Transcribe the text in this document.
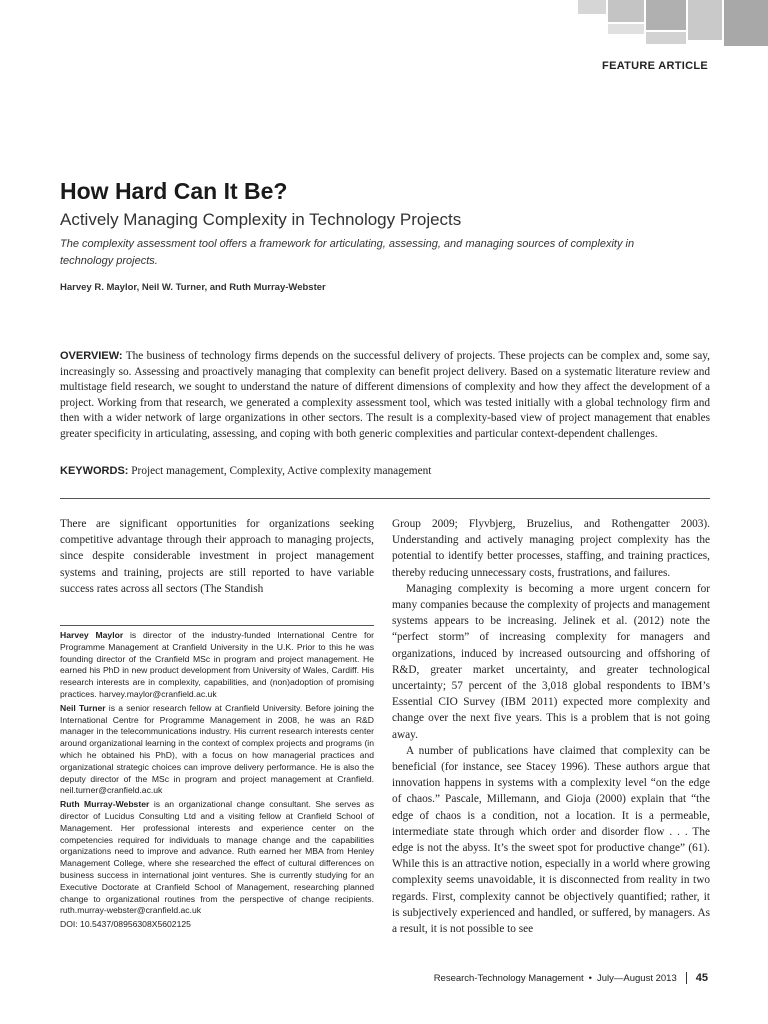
FEATURE ARTICLE
How Hard Can It Be?
Actively Managing Complexity in Technology Projects

The complexity assessment tool offers a framework for articulating, assessing, and managing sources of complexity in technology projects.

Harvey R. Maylor, Neil W. Turner, and Ruth Murray-Webster

OVERVIEW: The business of technology firms depends on the successful delivery of projects. These projects can be complex and, some say, increasingly so. Assessing and proactively managing that complexity can benefit project delivery. Based on a systematic literature review and multistage field research, we sought to understand the nature of different dimensions of complexity and how they affect the development of a project. Working from that research, we generated a complexity assessment tool, which was tested initially with a global technology firm and then with a wider network of large organizations in other sectors. The result is a complexity-based view of project management that enables greater specificity in articulating, assessing, and coping with both generic complexities and particular context-dependent challenges.

KEYWORDS: Project management, Complexity, Active complexity management

There are significant opportunities for organizations seeking competitive advantage through their approach to managing projects, since despite considerable investment in project management systems and training, projects are still reported to have variable success rates across all sectors (The Standish

Harvey Maylor is director of the industry-funded International Centre for Programme Management at Cranfield University in the U.K. Prior to this he was founding director of the Cranfield MSc in program and project management. He earned his PhD in new product development from University of Wales, Cardiff. His research interests are in complexity, capabilities, and (non)adoption of promising practices. harvey.maylor@cranfield.ac.uk

Neil Turner is a senior research fellow at Cranfield University. Before joining the International Centre for Programme Management in 2008, he was an R&D manager in the telecommunications industry. His current research interests center around organizational learning in the context of complex projects and programs (in which he obtained his PhD), with a focus on how managerial practices and organizational strategic choices can improve delivery performance. He is also the deputy director of the MSc in program and project management at Cranfield. neil.turner@cranfield.ac.uk

Ruth Murray-Webster is an organizational change consultant. She serves as director of Lucidus Consulting Ltd and a visiting fellow at Cranfield School of Management. Her professional interests and experience center on the competencies required for individuals to manage change and the capabilities organizations need to improve and advance. Ruth earned her MBA from Henley Management College, where she researched the effect of cultural differences on business success in international joint ventures. She is currently studying for an Executive Doctorate at Cranfield School of Management, researching planned change to organizational routines from the perspective of change recipients. ruth.murray-webster@cranfield.ac.uk

DOI: 10.5437/08956308X5602125

Group 2009; Flyvbjerg, Bruzelius, and Rothengatter 2003). Understanding and actively managing project complexity has the potential to identify better processes, staffing, and training practices, thereby reducing unnecessary costs, frustrations, and failures.

Managing complexity is becoming a more urgent concern for many companies because the complexity of projects and management systems appears to be increasing. Jelinek et al. (2012) note the “perfect storm” of increasing complexity for managers and organizations, induced by increased outsourcing and offshoring of R&D, greater market uncertainty, and greater technological uncertainty; 57 percent of the 3,018 global respondents to IBM’s Essential CIO Survey (IBM 2011) expected more complexity and change over the next five years. This is a problem that is not going away.

A number of publications have claimed that complexity can be beneficial (for instance, see Stacey 1996). These authors argue that innovation happens in systems with a complexity level “on the edge of chaos.” Pascale, Millemann, and Gioja (2000) explain that “the edge of chaos is a condition, not a location. It is a permeable, intermediate state through which order and disorder flow . . . The edge is not the abyss. It’s the sweet spot for productive change” (61). While this is an attractive notion, especially in a world where growing complexity seems unavoidable, it is disconnected from reality in two regards. First, complexity cannot be objectively quantified; rather, it is subjectively experienced and handled, or suffered, by managers. As a result, it is not possible to see

Research-Technology Management • July—August 2013 45
